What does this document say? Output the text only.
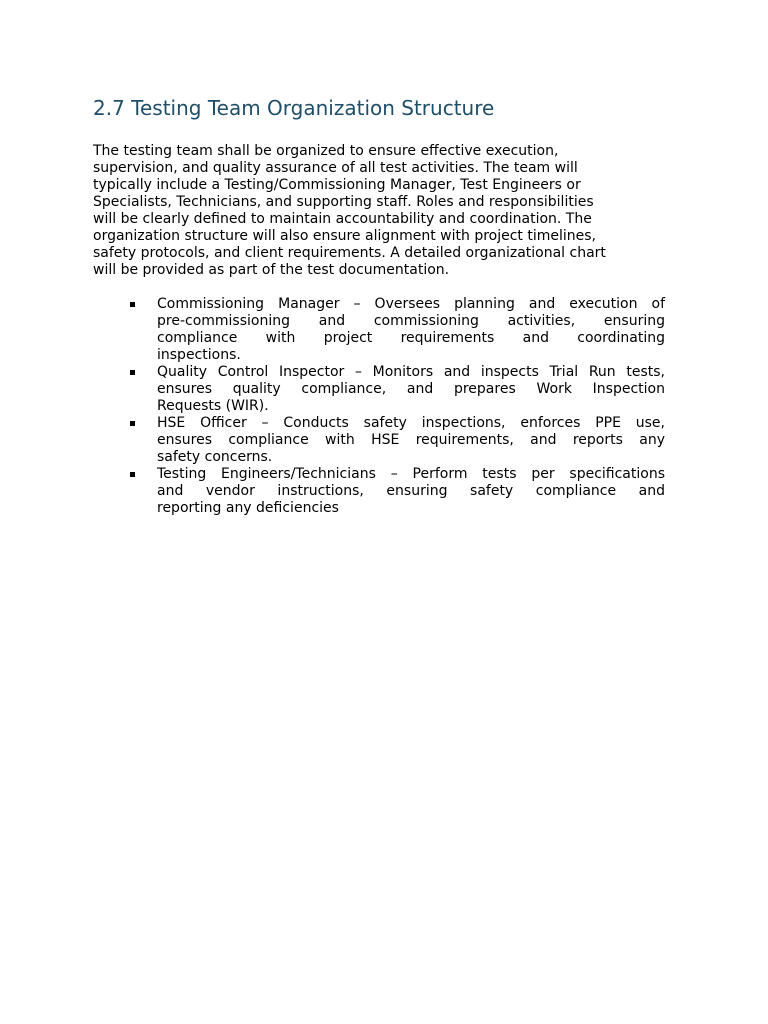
2.7 Testing Team Organization Structure

The testing team shall be organized to ensure effective execution,
supervision, and quality assurance of all test activities. The team will
typically include a Testing/Commissioning Manager, Test Engineers or
Specialists, Technicians, and supporting staff. Roles and responsibilities
will be clearly defined to maintain accountability and coordination. The
organization structure will also ensure alignment with project timelines,
safety protocols, and client requirements. A detailed organizational chart
will be provided as part of the test documentation.

Commissioning Manager – Oversees planning and execution of
pre-commissioning and commissioning activities, ensuring
compliance with project requirements and coordinating
inspections.
Quality Control Inspector – Monitors and inspects Trial Run tests,
ensures quality compliance, and prepares Work Inspection
Requests (WIR).
HSE Officer – Conducts safety inspections, enforces PPE use,
ensures compliance with HSE requirements, and reports any
safety concerns.
Testing Engineers/Technicians – Perform tests per specifications
and vendor instructions, ensuring safety compliance and
reporting any deficiencies
